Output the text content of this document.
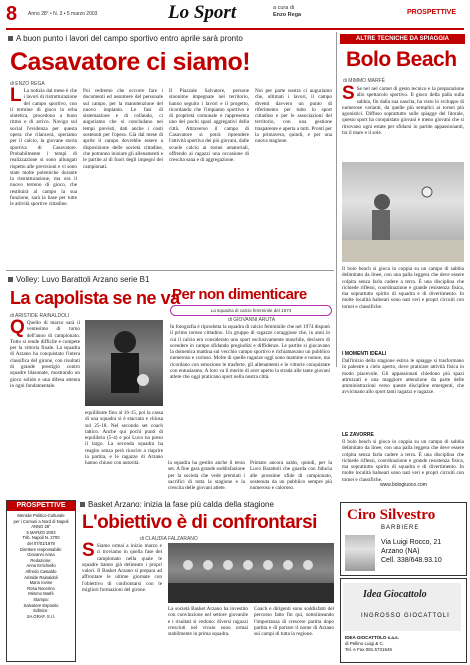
8 Anno 28° • N. 3 • 5 marzo 2003	Lo Sport	a cura di
Enzo Rega	PROSPETTIVE
A buon punto i lavori del campo sportivo entro aprile sarà pronto
Casavatore ci siamo!
di ENZO REGA
L La notizia dal mese è che i lavori di ristrutturazione del campo sportivo, con il termine di gioco in erba sintetica, procedono a buon ritmo e di arrivo. Navigo sul social l'evidenza per questa opera che rilancerà, speriamo per il calcio, la giovane storia sportiva di Casavatore. Probabilmente i tempi di realizzazione si sono allungati rispetto alle previsioni e vi sono state molte polemiche durante la ristrutturazione, ma ora il nuovo terreno di gioco, che restituirà al campo la sua funzione, sarà la base per tutte le attività sportive cittadine.
Poi vedremo che occorre fare i documenti ed assumere del personale sul campo, per la manutenzione del nuovo impianto. Le fasi di sistemazione e di collaudo, ci auguriamo che si concludano nei tempi previsti, dati anche i costi sostenuti per l'opera. Già dal mese di aprile il campo dovrebbe essere a disposizione delle società cittadine, che potranno iniziare gli allenamenti e le partite al di fuori degli impegni dei campionati.
Il Piazzale Salvatore, persone sinonime impegnate nel territorio, hanno seguito i lavori e il progetto, ricordando che l'impianto sportivo è di proprietà comunale e rappresenta uno dei pochi spazi aggregativi della città. Attraverso il campo di Casavatore si potrà riprendere l'attività sportiva dei più giovani, dalle scuole calcio ai tornei amatoriali, offrendo ai ragazzi una occasione di crescita sana e di aggregazione.
Noi per parte nostra ci auguriamo che, ultimati i lavori, il campo diventi davvero un punto di riferimento per tutto lo sport cittadino e per le associazioni del territorio, con una gestione trasparente e aperta a tutti. Pronti per la primavera, quindi, e per una nuova stagione.
ALTRE TECNICHE DA SPIAGGIA
Bolo Beach
di MIMMO MARFÈ
S Se nel nel carnet di gesto tecnico e la preparazione allo spettacolo sportivo. Il gioco della palla sulla sabbia, fin dalla sua nascita, ha visto lo sviluppo di numerose varianti, da quelle più semplici ai tornei più agonistici. Diffuso soprattutto sulle spiagge del litorale, questo sport ha conquistato giovani e meno giovani che si ritrovano ogni estate per sfidarsi in partite appassionanti, tra il mare e il sole.
Il bolo beach si gioca in coppia su un campo di sabbia delimitato da linee, con una palla leggera che deve essere colpita senza farla cadere a terra. È una disciplina che richiede riflessi, coordinazione e grande resistenza fisica, ma soprattutto spirito di squadra e di divertimento. In molte località balneari sono nati veri e propri circuiti con tornei e classifiche.
I MOMENTI IDEALI
Dall'inizio della stagione estiva le spiagge si trasformano in palestre a cielo aperto, dove praticare attività fisica in modo piacevole. Gli appassionati chiedono più spazi attrezzati e una maggiore attenzione da parte delle amministrazioni verso queste discipline emergenti, che avvicinano allo sport tanti ragazzi e ragazze.
LE ZAVORRE
Il bolo beach si gioca in coppia su un campo di sabbia delimitato da linee, con una palla leggera che deve essere colpita senza farla cadere a terra. È una disciplina che richiede riflessi, coordinazione e grande resistenza fisica, ma soprattutto spirito di squadra e di divertimento. In molte località balneari sono nati veri e propri circuiti con tornei e classifiche.
www.bologiuoco.com
Volley: Luvo Barattoli Arzano serie B1
La capolista se ne va
di ARISTIDE RAINALDOLI
Q Quello di marzo sarà il ventesimo di turno dell'anno di campionato. Tutto si rende difficile e compete per la vittoria finale. La squadra di Arzano ha conquistato l'intera classifica del girone, con risultati di grande prestigio contro squadre blasonate, mostrando un gioco solido e una difesa attenta in ogni fondamentale.
equilibrate fino al 16-15, poi la cassa di una squadra si è staccata e chiusa sul 25-18. Nel secondo set coach tattico. Anche qui pochi punti di equilibrio (5-4) e poi Luvo ha preso il largo. La seconda squadra ha reagito senza però riuscire a riaprire la partita, e le ragazze di Arzano hanno chiuso con autorità.	la squadra ha gestito anche il terzo set. A fine gara grande soddisfazione per la società che vede premiati i sacrifici di tutta la stagione e la crescita delle giovani atlete.
Primato ancora saldo, quindi, per la Luvo Barattoli che guarda con fiducia alle prossime sfide di campionato, sostenuta da un pubblico sempre più numeroso e caloroso.
Per non dimenticare
La squadra di calcio femminile del 1974
di GIOVANNI ARUTA
In fotografia è riprodotta la squadra di calcio femminile che nel 1974 disputò il primo torneo cittadino. Un gruppo di ragazze coraggiose che, in anni in cui il calcio era considerato uno sport esclusivamente maschile, decisero di scendere in campo sfidando pregiudizi e diffidenze. Le partite si giocavano la domenica mattina sul vecchio campo sportivo e richiamavano un pubblico numeroso e curioso. Molte di quelle ragazze oggi sono mamme e nonne, ma ricordano con emozione le trasferte, gli allenamenti e le vittorie conquistate con entusiasmo. A loro va il merito di aver aperto la strada alle tante giovani atlete che oggi praticano sport nella nostra città.
PROSPETTIVE
Mensile Politico-Culturale
per i Comuni a Nord di Napoli
ANNO 28°
5 MARZO 2003
Trib. Napoli N. 2700
del 07/01/1978
Direttore responsabile:
Giovanni Aruta
Redazione:
Anna Errichiello
Alfredo Castaldo
Aristide Rainaldoli
Mario Iovine
Rosa Nocerino
Mimmo Marfè
Stampa:
Salvatore Esposito
Editrice:
SA.GRAF. S.r.l.
Basket Arzano: inizia la fase più calda della stagione
L'obiettivo è di confrontarsi
di CLAUDIA FALZARANO
S Siamo ormai a inizio marzo e ci troviamo in quella fase del campionato nella quale le squadre hanno già delineato i propri valori. Il Basket Arzano si prepara ad affrontare le ultime giornate con l'obiettivo di confrontarsi con le migliori formazioni del girone.
La società Basket Arzano ha investito con convinzione nel settore giovanile e i risultati si vedono: diversi ragazzi cresciuti nel vivaio sono ormai stabilmente in prima squadra.
Coach e dirigenti sono soddisfatti del percorso fatto fin qui, sottolineando l'importanza di crescere partita dopo partita e di portare il nome di Arzano sui campi di tutta la regione.
Ciro Silvestro
BARBIERE
Via Luigi Rocco, 21
Arzano (NA)
Cell. 338/648.93.10
Idea Giocattolo
INGROSSO GIOCATTOLI
IDEA GIOCATTOLO s.a.s.
di Pellino Luigi & C.
Tel. e Fax 081.5731546
